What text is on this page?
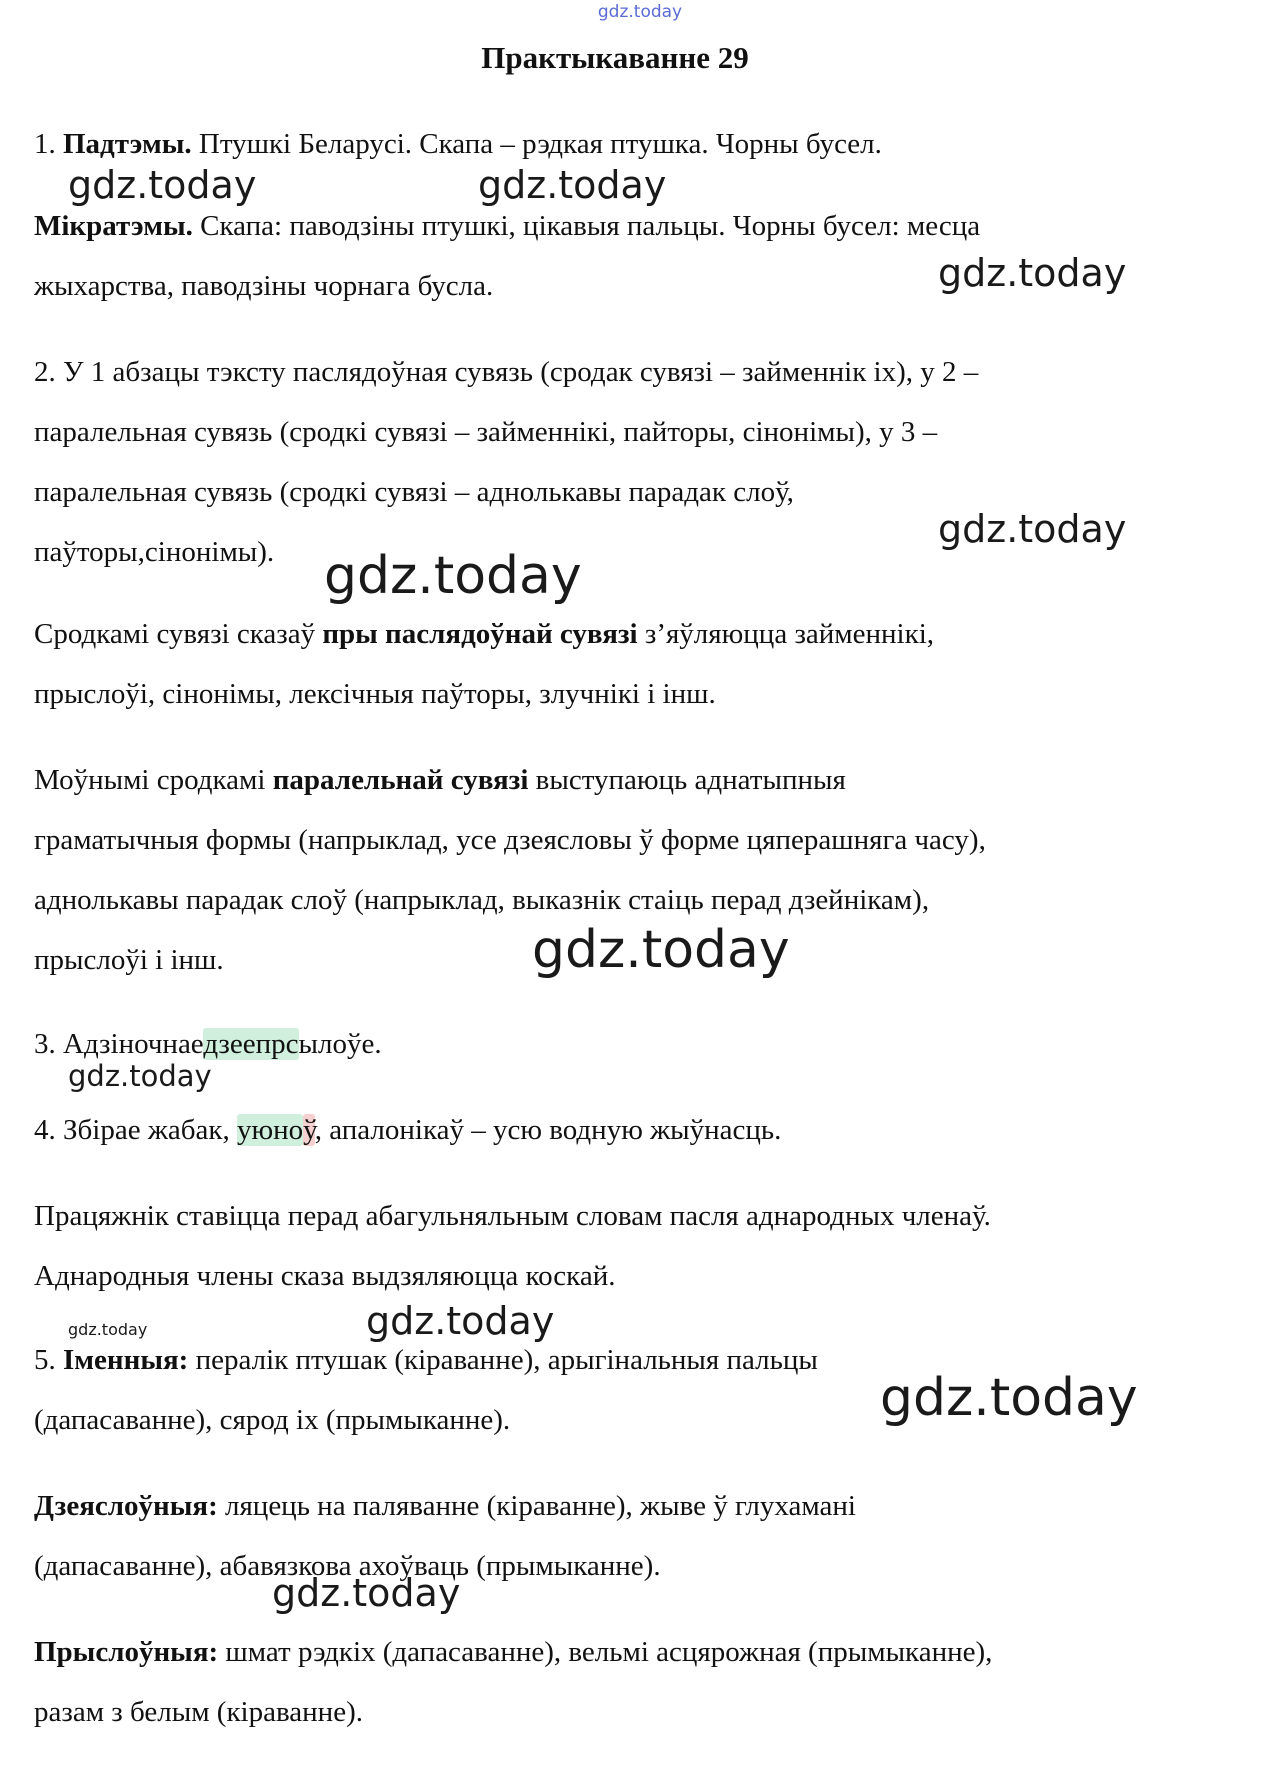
gdz.today
Практыкаванне 29
1. Падтэмы. Птушкі Беларусі. Скапа – рэдкая птушка. Чорны бусел.
gdz.today	gdz.today
Мікратэмы. Скапа: паводзіны птушкі, цікавыя пальцы. Чорны бусел: месца
gdz.today
жыхарства, паводзіны чорнага бусла.
2. У 1 абзацы тэксту паслядоўная сувязь (сродак сувязі – займеннік іх), у 2 –
паралельная сувязь (сродкі сувязі – займеннікі, пайторы, сінонімы), у 3 –
паралельная сувязь (сродкі сувязі – аднолькавы парадак слоў,
gdz.today
паўторы,сінонімы). gdz.today
Сродкамі сувязі сказаў пры паслядоўнай сувязі з’яўляюцца займеннікі,
прыслоўі, сінонімы, лексічныя паўторы, злучнікі і інш.
Моўнымі сродкамі паралельнай сувязі выступаюць аднатыпныя
граматычныя формы (напрыклад, усе дзеясловы ў форме цяперашняга часу),
аднолькавы парадак слоў (напрыклад, выказнік стаіць перад дзейнікам),
прыслоўі і інш.	gdz.today
3. Адзіночнаедзеепрсылоўе.
gdz.today
4. Збірае жабак, уюноў, апалонікаў – усю водную жыўнасць.
Працяжнік ставіцца перад абагульняльным словам пасля аднародных членаў.
Аднародныя члены сказа выдзяляюцца коскай.
gdz.today	gdz.today
5. Іменныя: пералік птушак (кіраванне), арыгінальныя пальцы
gdz.today
(дапасаванне), сярод іх (прымыканне).
Дзеяслоўныя: ляцець на паляванне (кіраванне), жыве ў глухамані
(дапасаванне), абавязкова ахоўваць (прымыканне).
gdz.today
Прыслоўныя: шмат рэдкіх (дапасаванне), вельмі асцярожная (прымыканне),
разам з белым (кіраванне).
